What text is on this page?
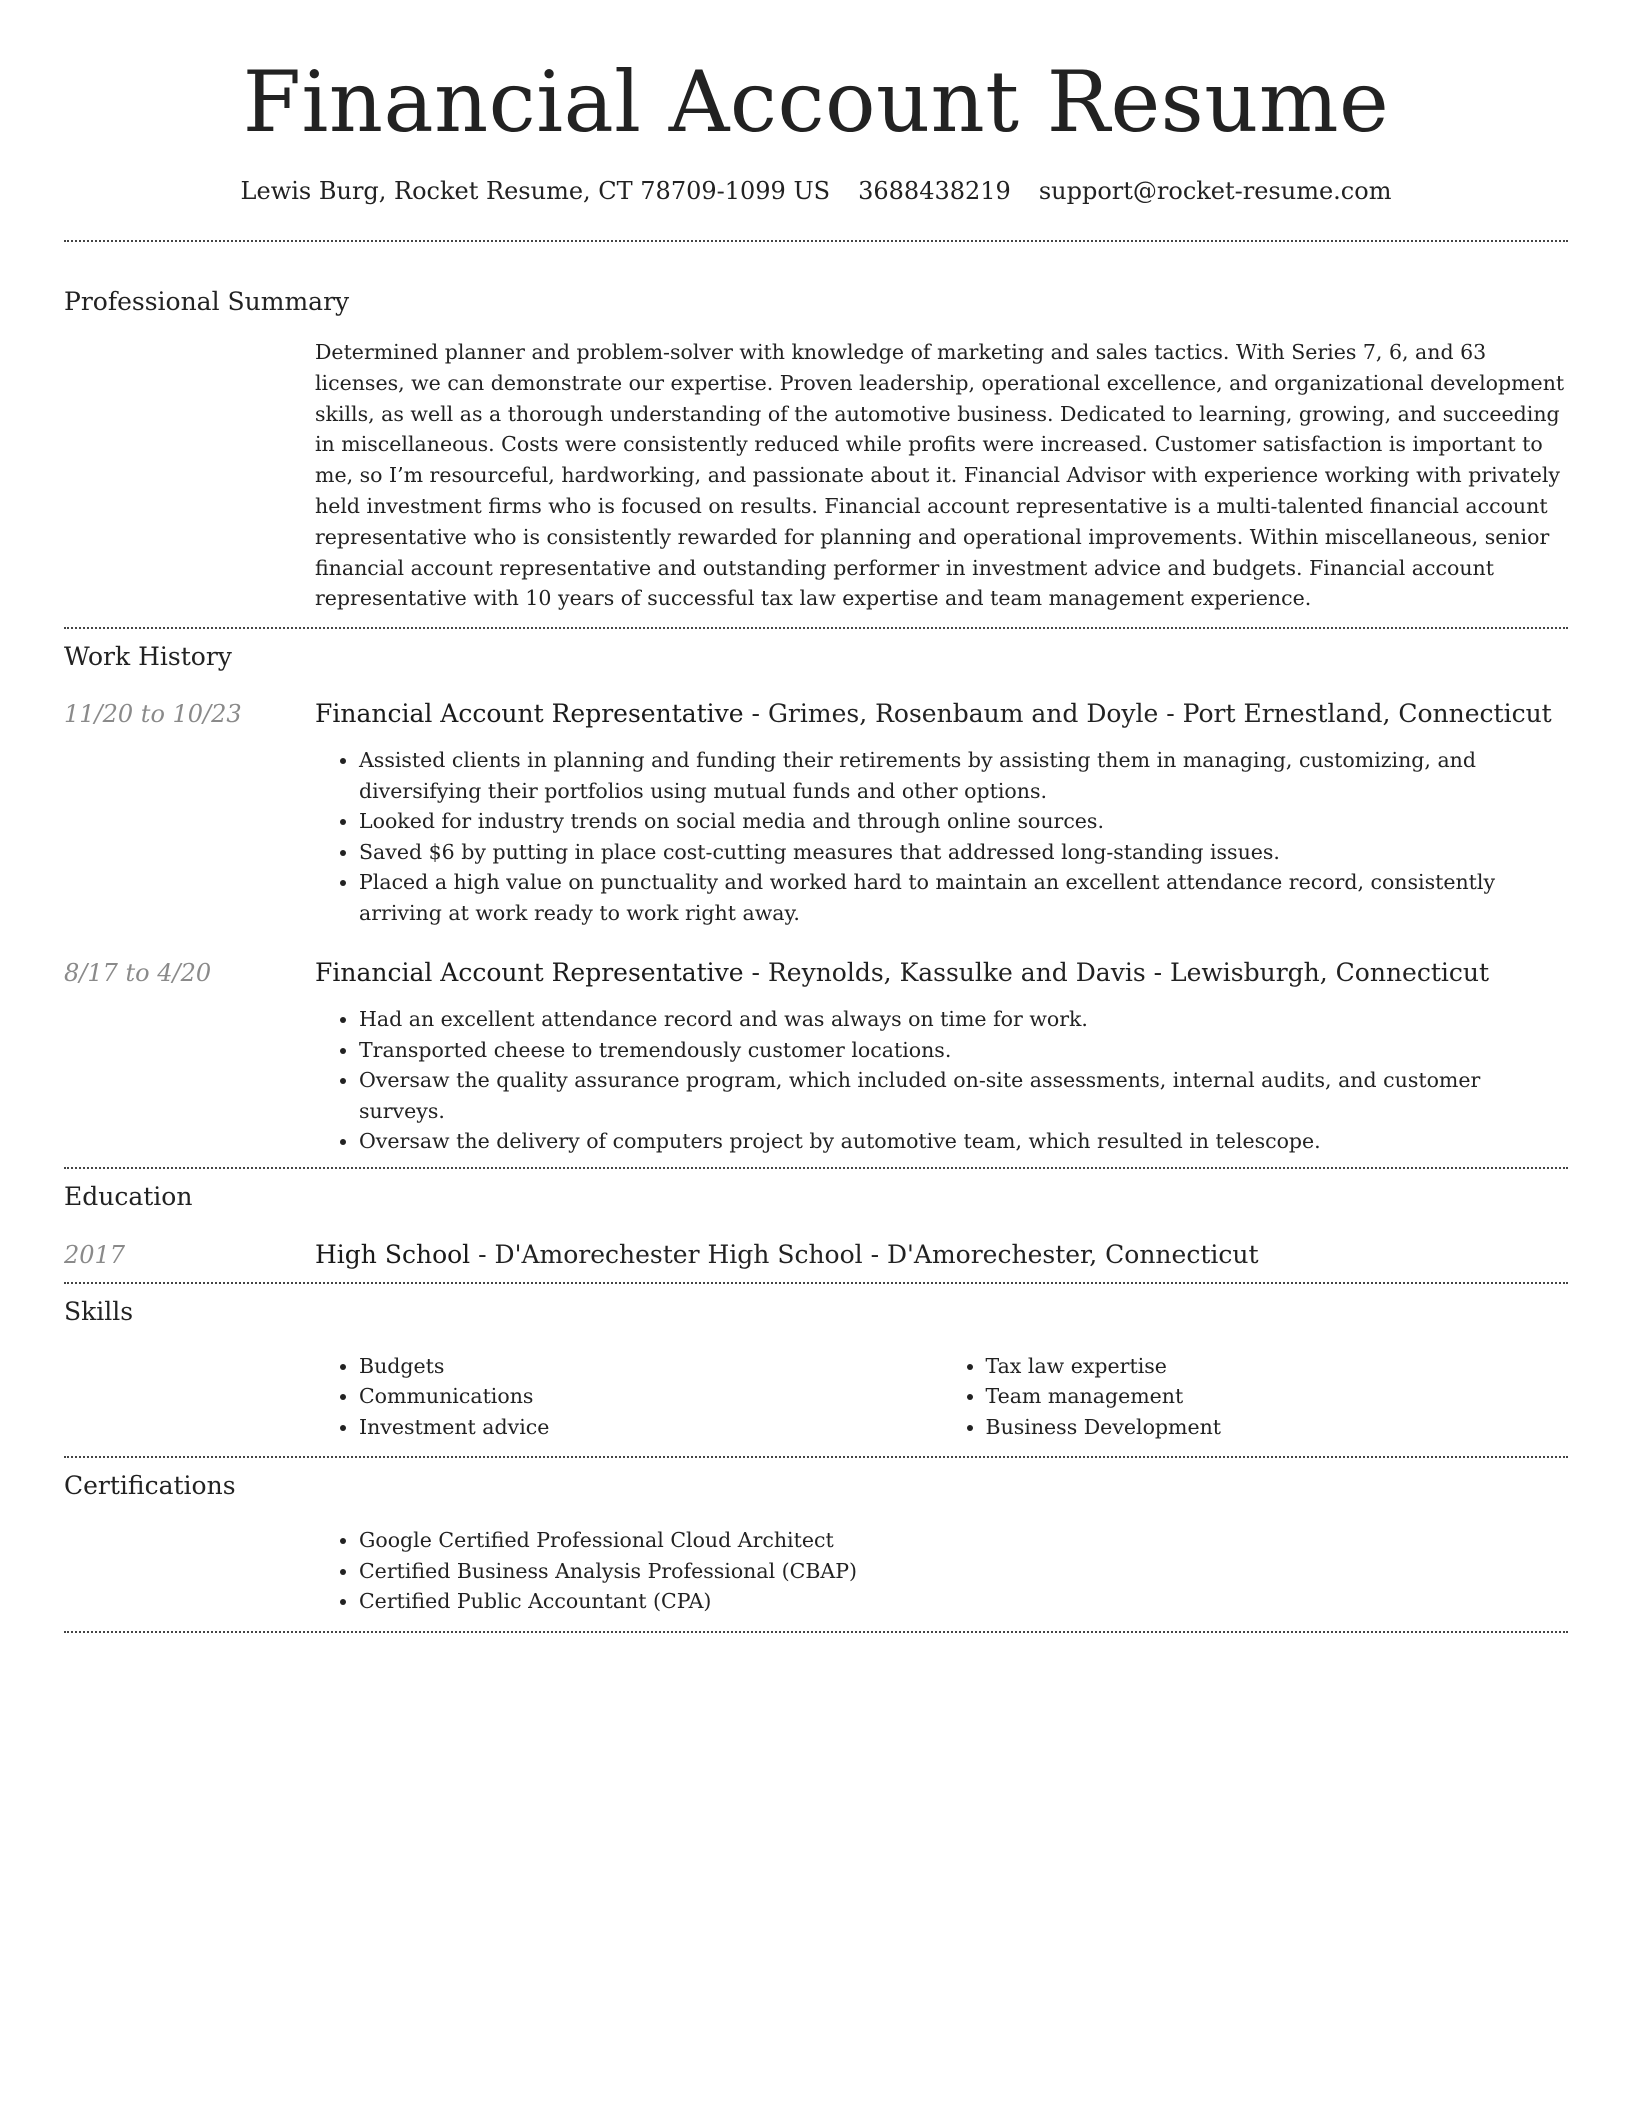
Financial Account Resume
Lewis Burg, Rocket Resume, CT 78709-1099 US 3688438219 support@rocket-resume.com
Professional Summary

Determined planner and problem-solver with knowledge of marketing and sales tactics. With Series 7, 6, and 63 licenses, we can demonstrate our expertise. Proven leadership, operational excellence, and organizational development skills, as well as a thorough understanding of the automotive business. Dedicated to learning, growing, and succeeding in miscellaneous. Costs were consistently reduced while profits were increased. Customer satisfaction is important to me, so I’m resourceful, hardworking, and passionate about it. Financial Advisor with experience working with privately held investment firms who is focused on results. Financial account representative is a multi-talented financial account representative who is consistently rewarded for planning and operational improvements. Within miscellaneous, senior financial account representative and outstanding performer in investment advice and budgets. Financial account representative with 10 years of successful tax law expertise and team management experience.

Work History
11/20 to 10/23	Financial Account Representative - Grimes, Rosenbaum and Doyle - Port Ernestland, Connecticut
• Assisted clients in planning and funding their retirements by assisting them in managing, customizing, and diversifying their portfolios using mutual funds and other options.
• Looked for industry trends on social media and through online sources.
• Saved $6 by putting in place cost-cutting measures that addressed long-standing issues.
• Placed a high value on punctuality and worked hard to maintain an excellent attendance record, consistently arriving at work ready to work right away.
8/17 to 4/20	Financial Account Representative - Reynolds, Kassulke and Davis - Lewisburgh, Connecticut
• Had an excellent attendance record and was always on time for work.
• Transported cheese to tremendously customer locations.
• Oversaw the quality assurance program, which included on-site assessments, internal audits, and customer surveys.
• Oversaw the delivery of computers project by automotive team, which resulted in telescope.
Education
2017	High School - D'Amorechester High School - D'Amorechester, Connecticut
Skills
• Budgets
• Communications
• Investment advice
• Tax law expertise
• Team management
• Business Development
Certifications
• Google Certified Professional Cloud Architect
• Certified Business Analysis Professional (CBAP)
• Certified Public Accountant (CPA)
